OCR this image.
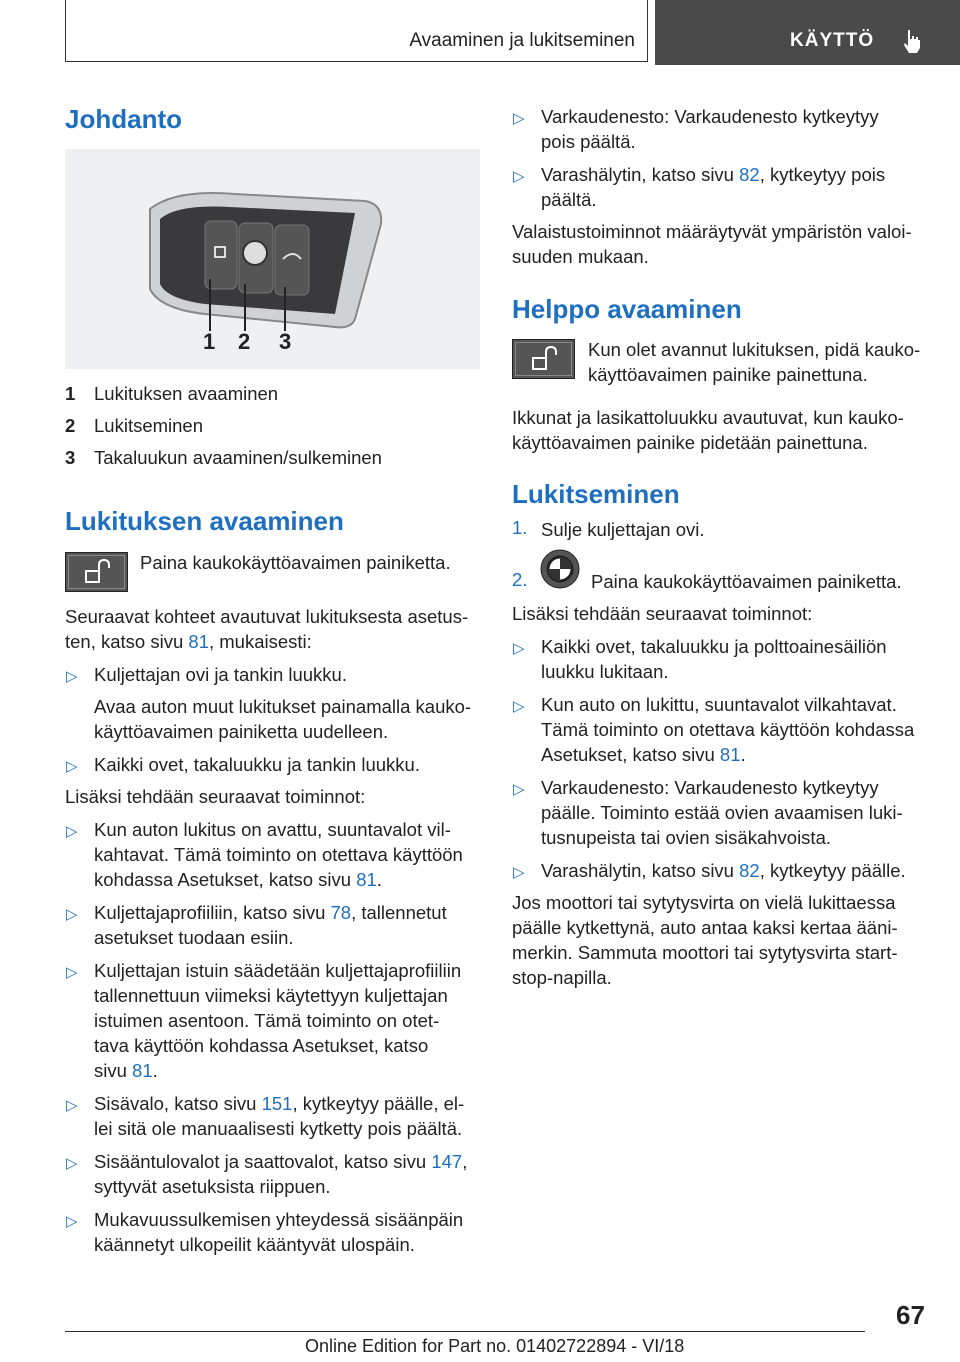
Avaaminen ja lukitseminen	KÄYTTÖ
Johdanto
1 2 3
1 Lukituksen avaaminen
2 Lukitseminen
3 Takaluukun avaaminen/sulkeminen
Lukituksen avaaminen
Paina kaukokäyttöavaimen painiketta.
Seuraavat kohteet avautuvat lukituksesta asetus-
ten, katso sivu 81, mukaisesti:
▷ Kuljettajan ovi ja tankin luukku.
Avaa auton muut lukitukset painamalla kauko-
käyttöavaimen painiketta uudelleen.
▷ Kaikki ovet, takaluukku ja tankin luukku.
Lisäksi tehdään seuraavat toiminnot:
▷ Kun auton lukitus on avattu, suuntavalot vil-
kahtavat. Tämä toiminto on otettava käyttöön
kohdassa Asetukset, katso sivu 81.
▷ Kuljettajaprofiiliin, katso sivu 78, tallennetut
asetukset tuodaan esiin.
▷ Kuljettajan istuin säädetään kuljettajaprofiiliin
tallennettuun viimeksi käytettyyn kuljettajan
istuimen asentoon. Tämä toiminto on otet-
tava käyttöön kohdassa Asetukset, katso
sivu 81.
▷ Sisävalo, katso sivu 151, kytkeytyy päälle, el-
lei sitä ole manuaalisesti kytketty pois päältä.
▷ Sisääntulovalot ja saattovalot, katso sivu 147,
syttyvät asetuksista riippuen.
▷ Mukavuussulkemisen yhteydessä sisäänpäin
käännetyt ulkopeilit kääntyvät ulospäin.
▷ Varkaudenesto: Varkaudenesto kytkeytyy
pois päältä.
▷ Varashälytin, katso sivu 82, kytkeytyy pois
päältä.
Valaistustoiminnot määräytyvät ympäristön valoi-
suuden mukaan.
Helppo avaaminen
Kun olet avannut lukituksen, pidä kauko-
käyttöavaimen painike painettuna.
Ikkunat ja lasikattoluukku avautuvat, kun kauko-
käyttöavaimen painike pidetään painettuna.
Lukitseminen
1. Sulje kuljettajan ovi.
2.	Paina kaukokäyttöavaimen painiketta.
Lisäksi tehdään seuraavat toiminnot:
▷ Kaikki ovet, takaluukku ja polttoainesäiliön
luukku lukitaan.
▷ Kun auto on lukittu, suuntavalot vilkahtavat.
Tämä toiminto on otettava käyttöön kohdassa
Asetukset, katso sivu 81.
▷ Varkaudenesto: Varkaudenesto kytkeytyy
päälle. Toiminto estää ovien avaamisen luki-
tusnupeista tai ovien sisäkahvoista.
▷ Varashälytin, katso sivu 82, kytkeytyy päälle.
Jos moottori tai sytytysvirta on vielä lukittaessa
päälle kytkettynä, auto antaa kaksi kertaa ääni-
merkin. Sammuta moottori tai sytytysvirta start-
stop-napilla.
67
Online Edition for Part no. 01402722894 - VI/18
